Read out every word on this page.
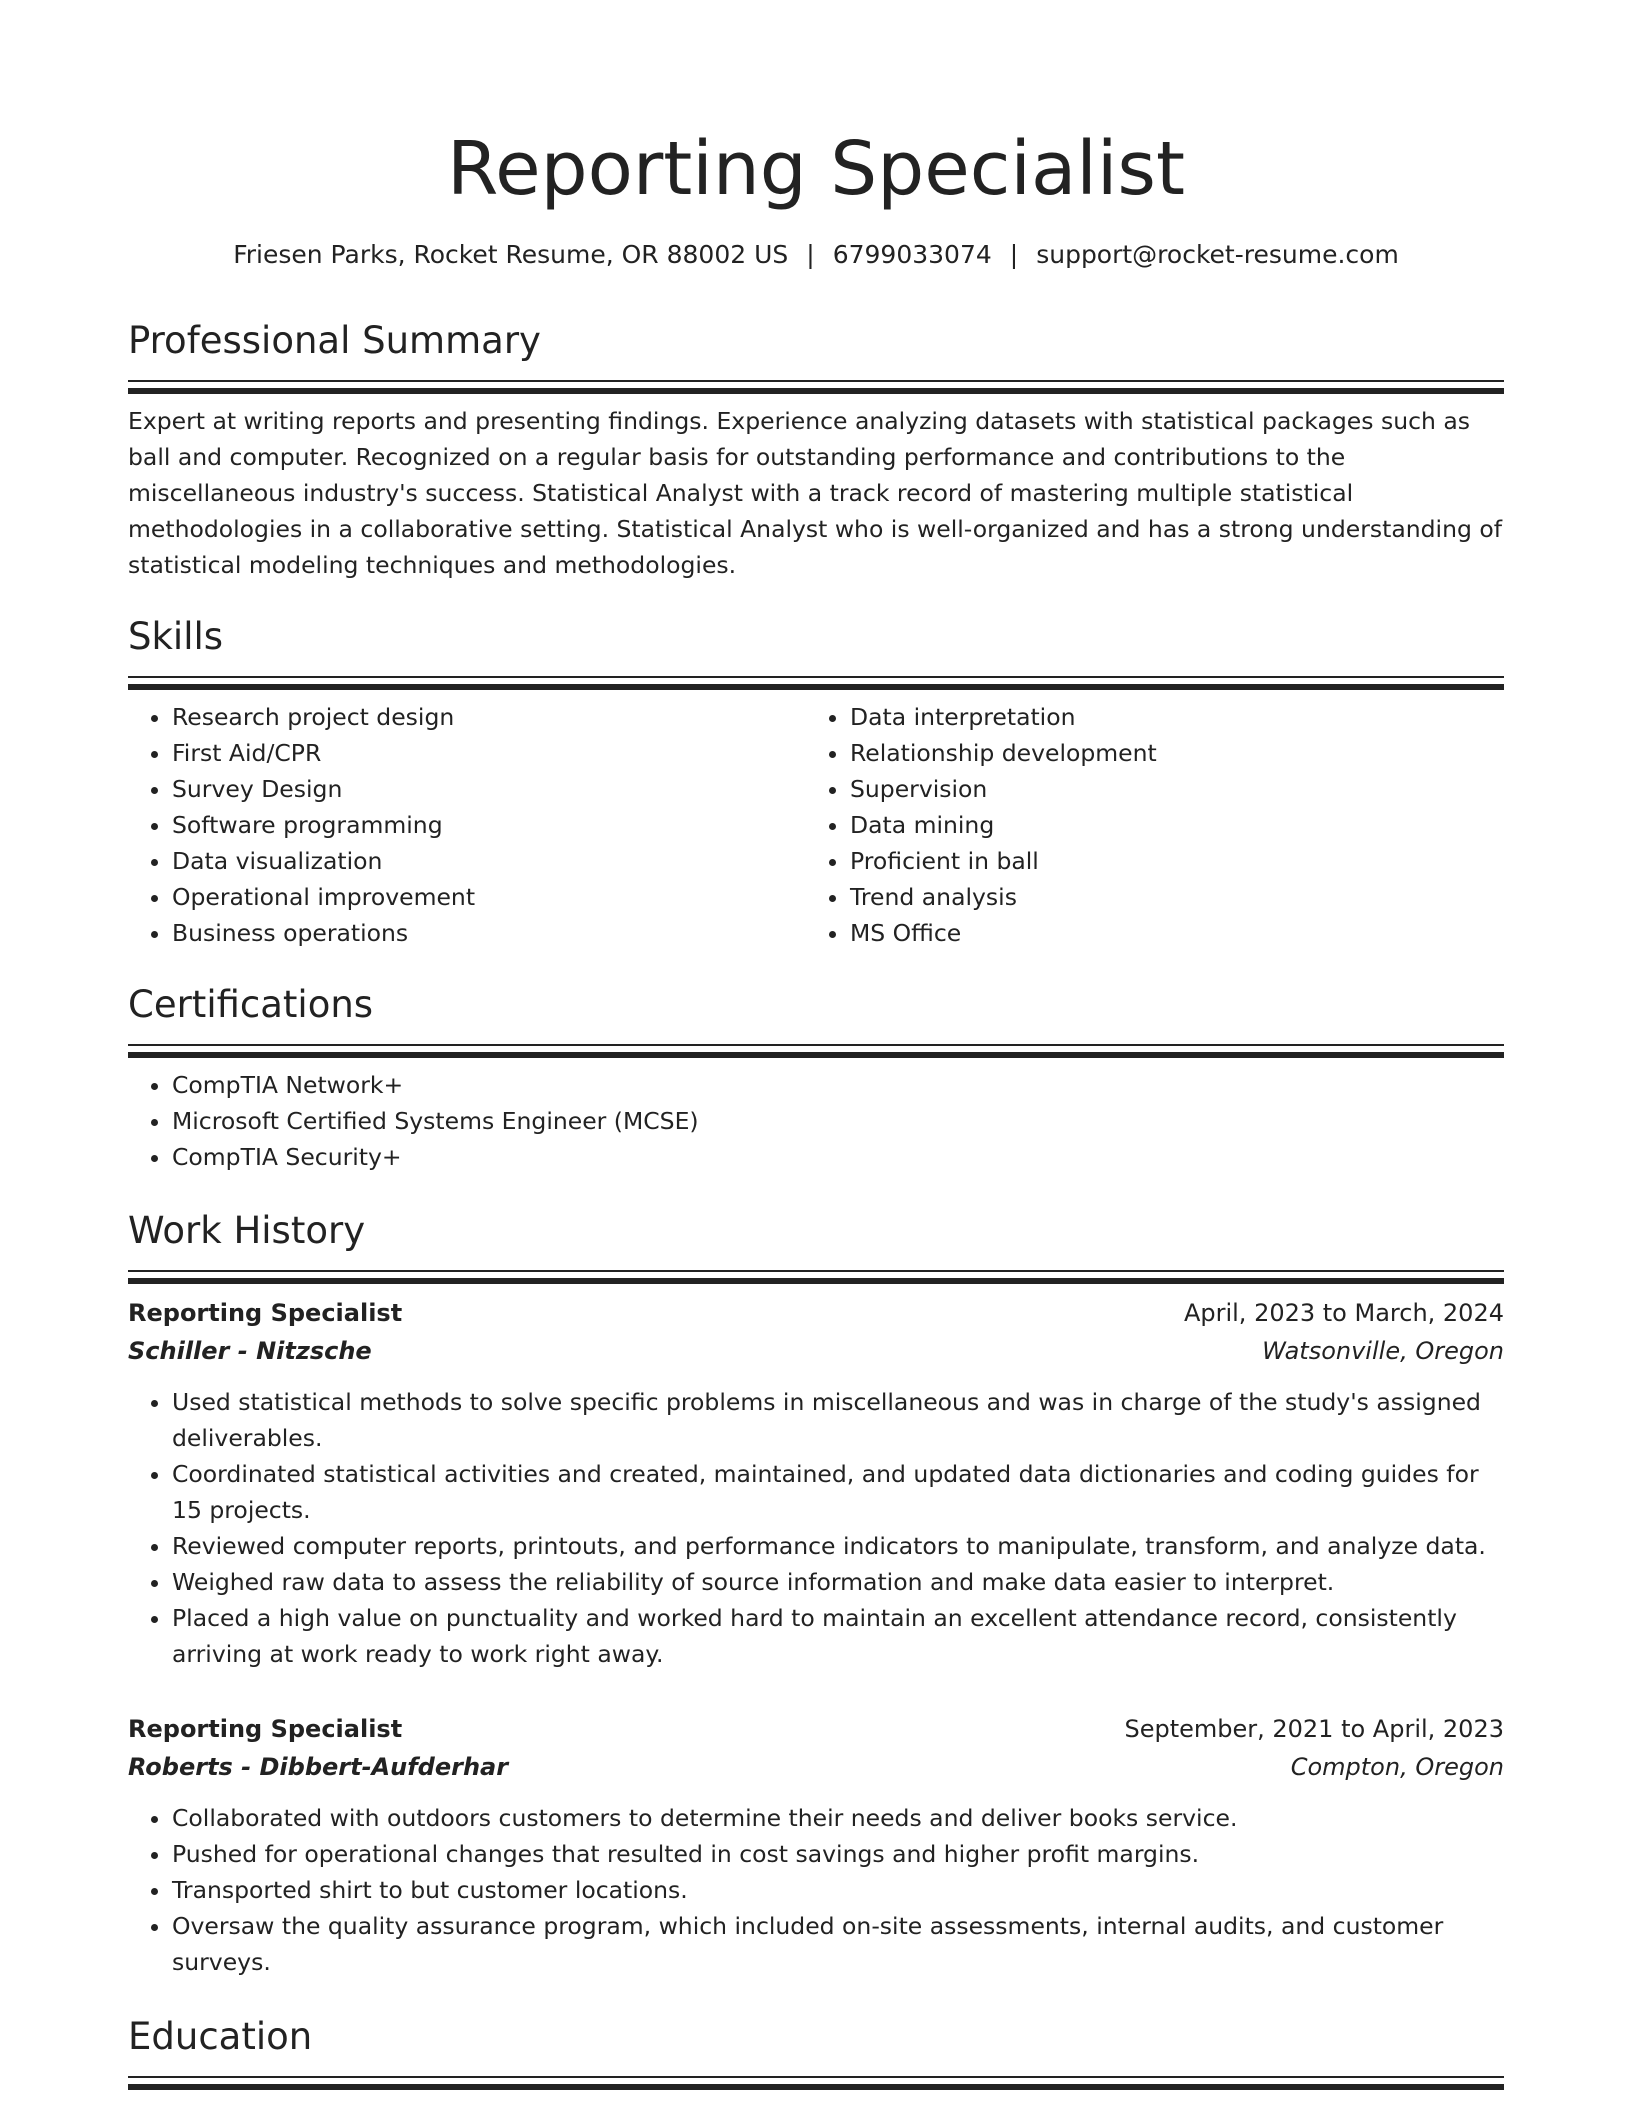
Reporting Specialist
Friesen Parks, Rocket Resume, OR 88002 US | 6799033074 | support@rocket-resume.com
Professional Summary

Expert at writing reports and presenting findings. Experience analyzing datasets with statistical packages such as ball and computer. Recognized on a regular basis for outstanding performance and contributions to the miscellaneous industry's success. Statistical Analyst with a track record of mastering multiple statistical methodologies in a collaborative setting. Statistical Analyst who is well-organized and has a strong understanding of statistical modeling techniques and methodologies.

Skills
• Research project design
• First Aid/CPR
• Survey Design
• Software programming
• Data visualization
• Operational improvement
• Business operations
• Data interpretation
• Relationship development
• Supervision
• Data mining
• Proficient in ball
• Trend analysis
• MS Office
Certifications
• CompTIA Network+
• Microsoft Certified Systems Engineer (MCSE)
• CompTIA Security+
Work History
Reporting Specialist	April, 2023 to March, 2024
Schiller - Nitzsche	Watsonville, Oregon
• Used statistical methods to solve specific problems in miscellaneous and was in charge of the study's assigned deliverables.
• Coordinated statistical activities and created, maintained, and updated data dictionaries and coding guides for 15 projects.
• Reviewed computer reports, printouts, and performance indicators to manipulate, transform, and analyze data.
• Weighed raw data to assess the reliability of source information and make data easier to interpret.
• Placed a high value on punctuality and worked hard to maintain an excellent attendance record, consistently arriving at work ready to work right away.
Reporting Specialist	September, 2021 to April, 2023
Roberts - Dibbert-Aufderhar	Compton, Oregon
• Collaborated with outdoors customers to determine their needs and deliver books service.
• Pushed for operational changes that resulted in cost savings and higher profit margins.
• Transported shirt to but customer locations.
• Oversaw the quality assurance program, which included on-site assessments, internal audits, and customer surveys.
Education
